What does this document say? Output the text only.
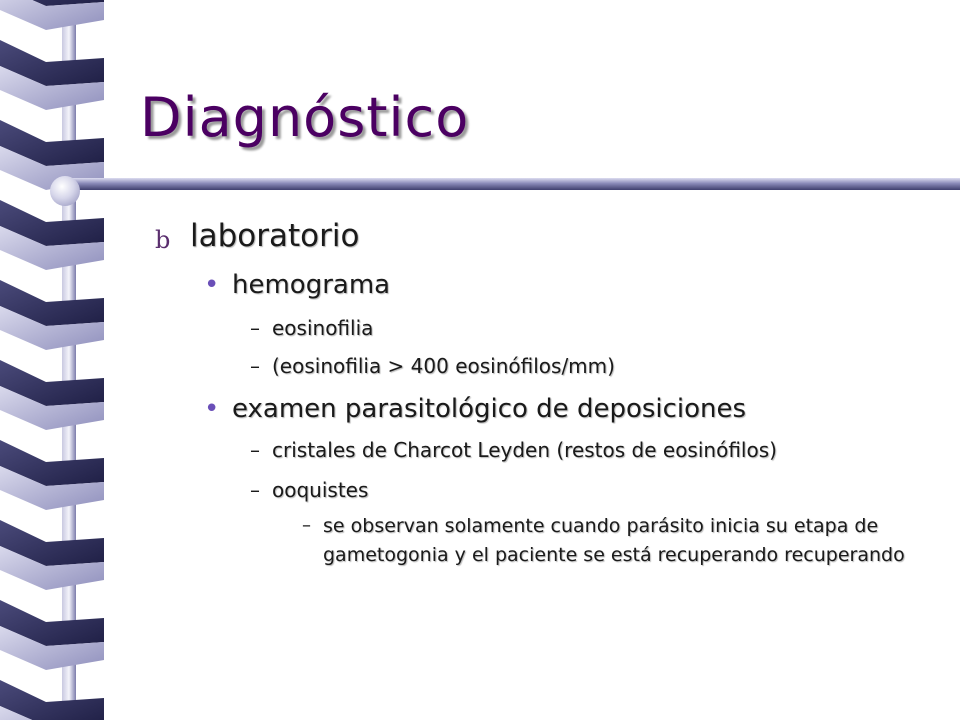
Diagnóstico
b laboratorio
• hemograma
– eosinofilia
– (eosinofilia > 400 eosinófilos/mm)
• examen parasitológico de deposiciones
– cristales de Charcot Leyden (restos de eosinófilos)
– ooquistes
– se observan solamente cuando parásito inicia su etapa de gametogonia y el paciente se está recuperando recuperando
